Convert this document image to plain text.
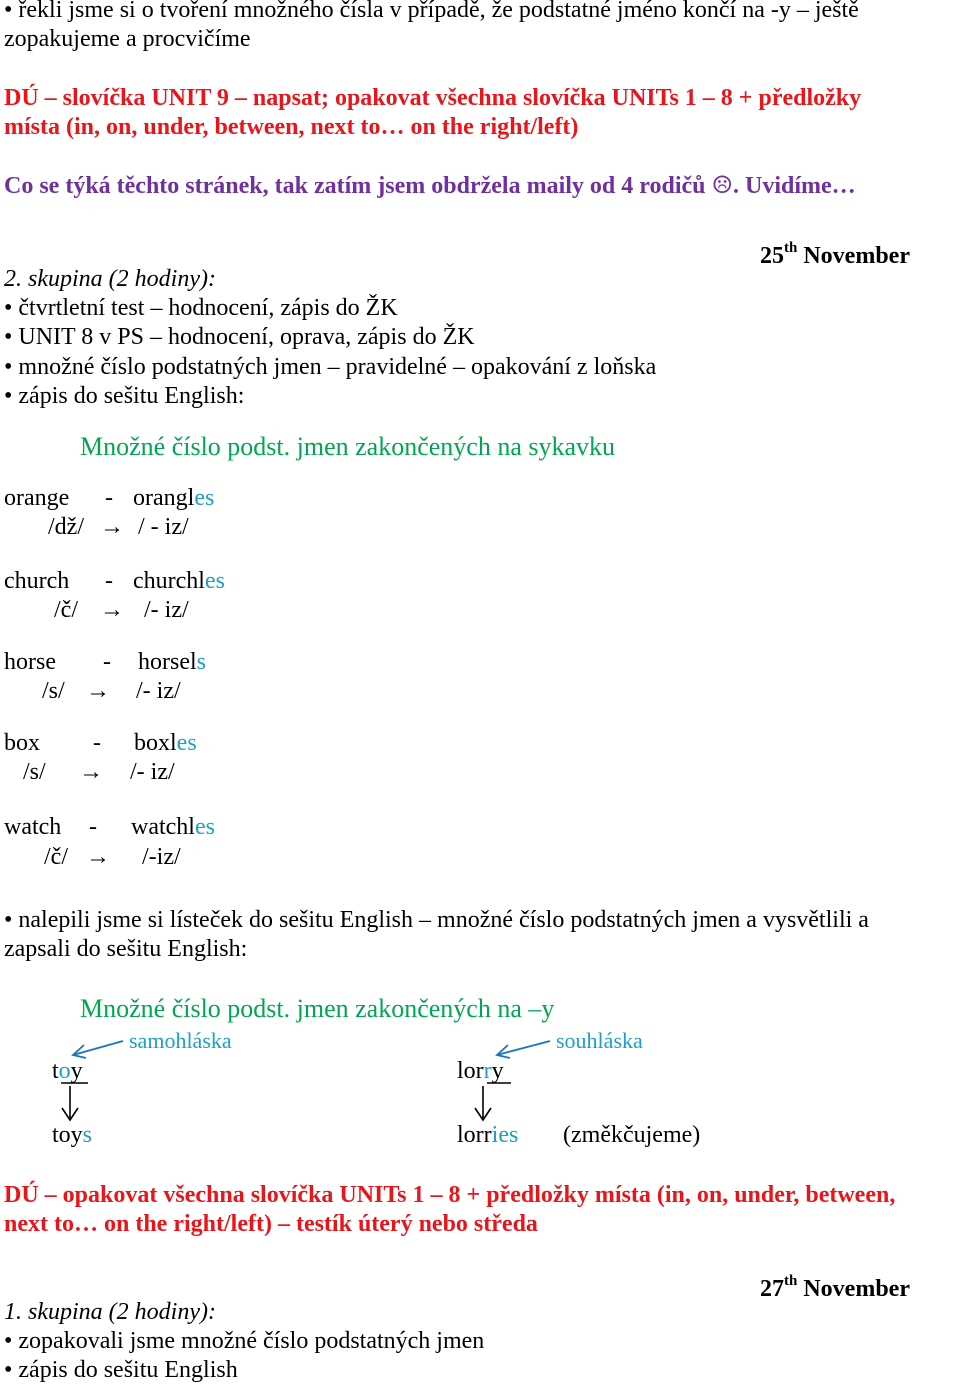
• řekli jsme si o tvoření množného čísla v případě, že podstatné jméno končí na -y – ještě
zopakujeme a procvičíme
DÚ – slovíčka UNIT 9 – napsat; opakovat všechna slovíčka UNITs 1 – 8 + předložky
místa (in, on, under, between, next to… on the right/left)
Co se týká těchto stránek, tak zatím jsem obdržela maily od 4 rodičů ☹. Uvidíme…
25th November
2. skupina (2 hodiny):
• čtvrtletní test – hodnocení, zápis do ŽK
• UNIT 8 v PS – hodnocení, oprava, zápis do ŽK
• množné číslo podstatných jmen – pravidelné – opakování z loňska
• zápis do sešitu English:
Množné číslo podst. jmen zakončených na sykavku
orange - orangles
/dž/ → / - iz/
church - churchles
/č/ → /- iz/
horse - horsels
/s/ → /- iz/
box - boxles
/s/ → /- iz/
watch - watchles
/č/ → /-iz/
• nalepili jsme si lísteček do sešitu English – množné číslo podstatných jmen a vysvětlili a
zapsali do sešitu English:
Množné číslo podst. jmen zakončených na –y
samohláska	souhláska
toy	lorry
toys	lorries (změkčujeme)
DÚ – opakovat všechna slovíčka UNITs 1 – 8 + předložky místa (in, on, under, between,
next to… on the right/left) – testík úterý nebo středa
27th November
1. skupina (2 hodiny):
• zopakovali jsme množné číslo podstatných jmen
• zápis do sešitu English
